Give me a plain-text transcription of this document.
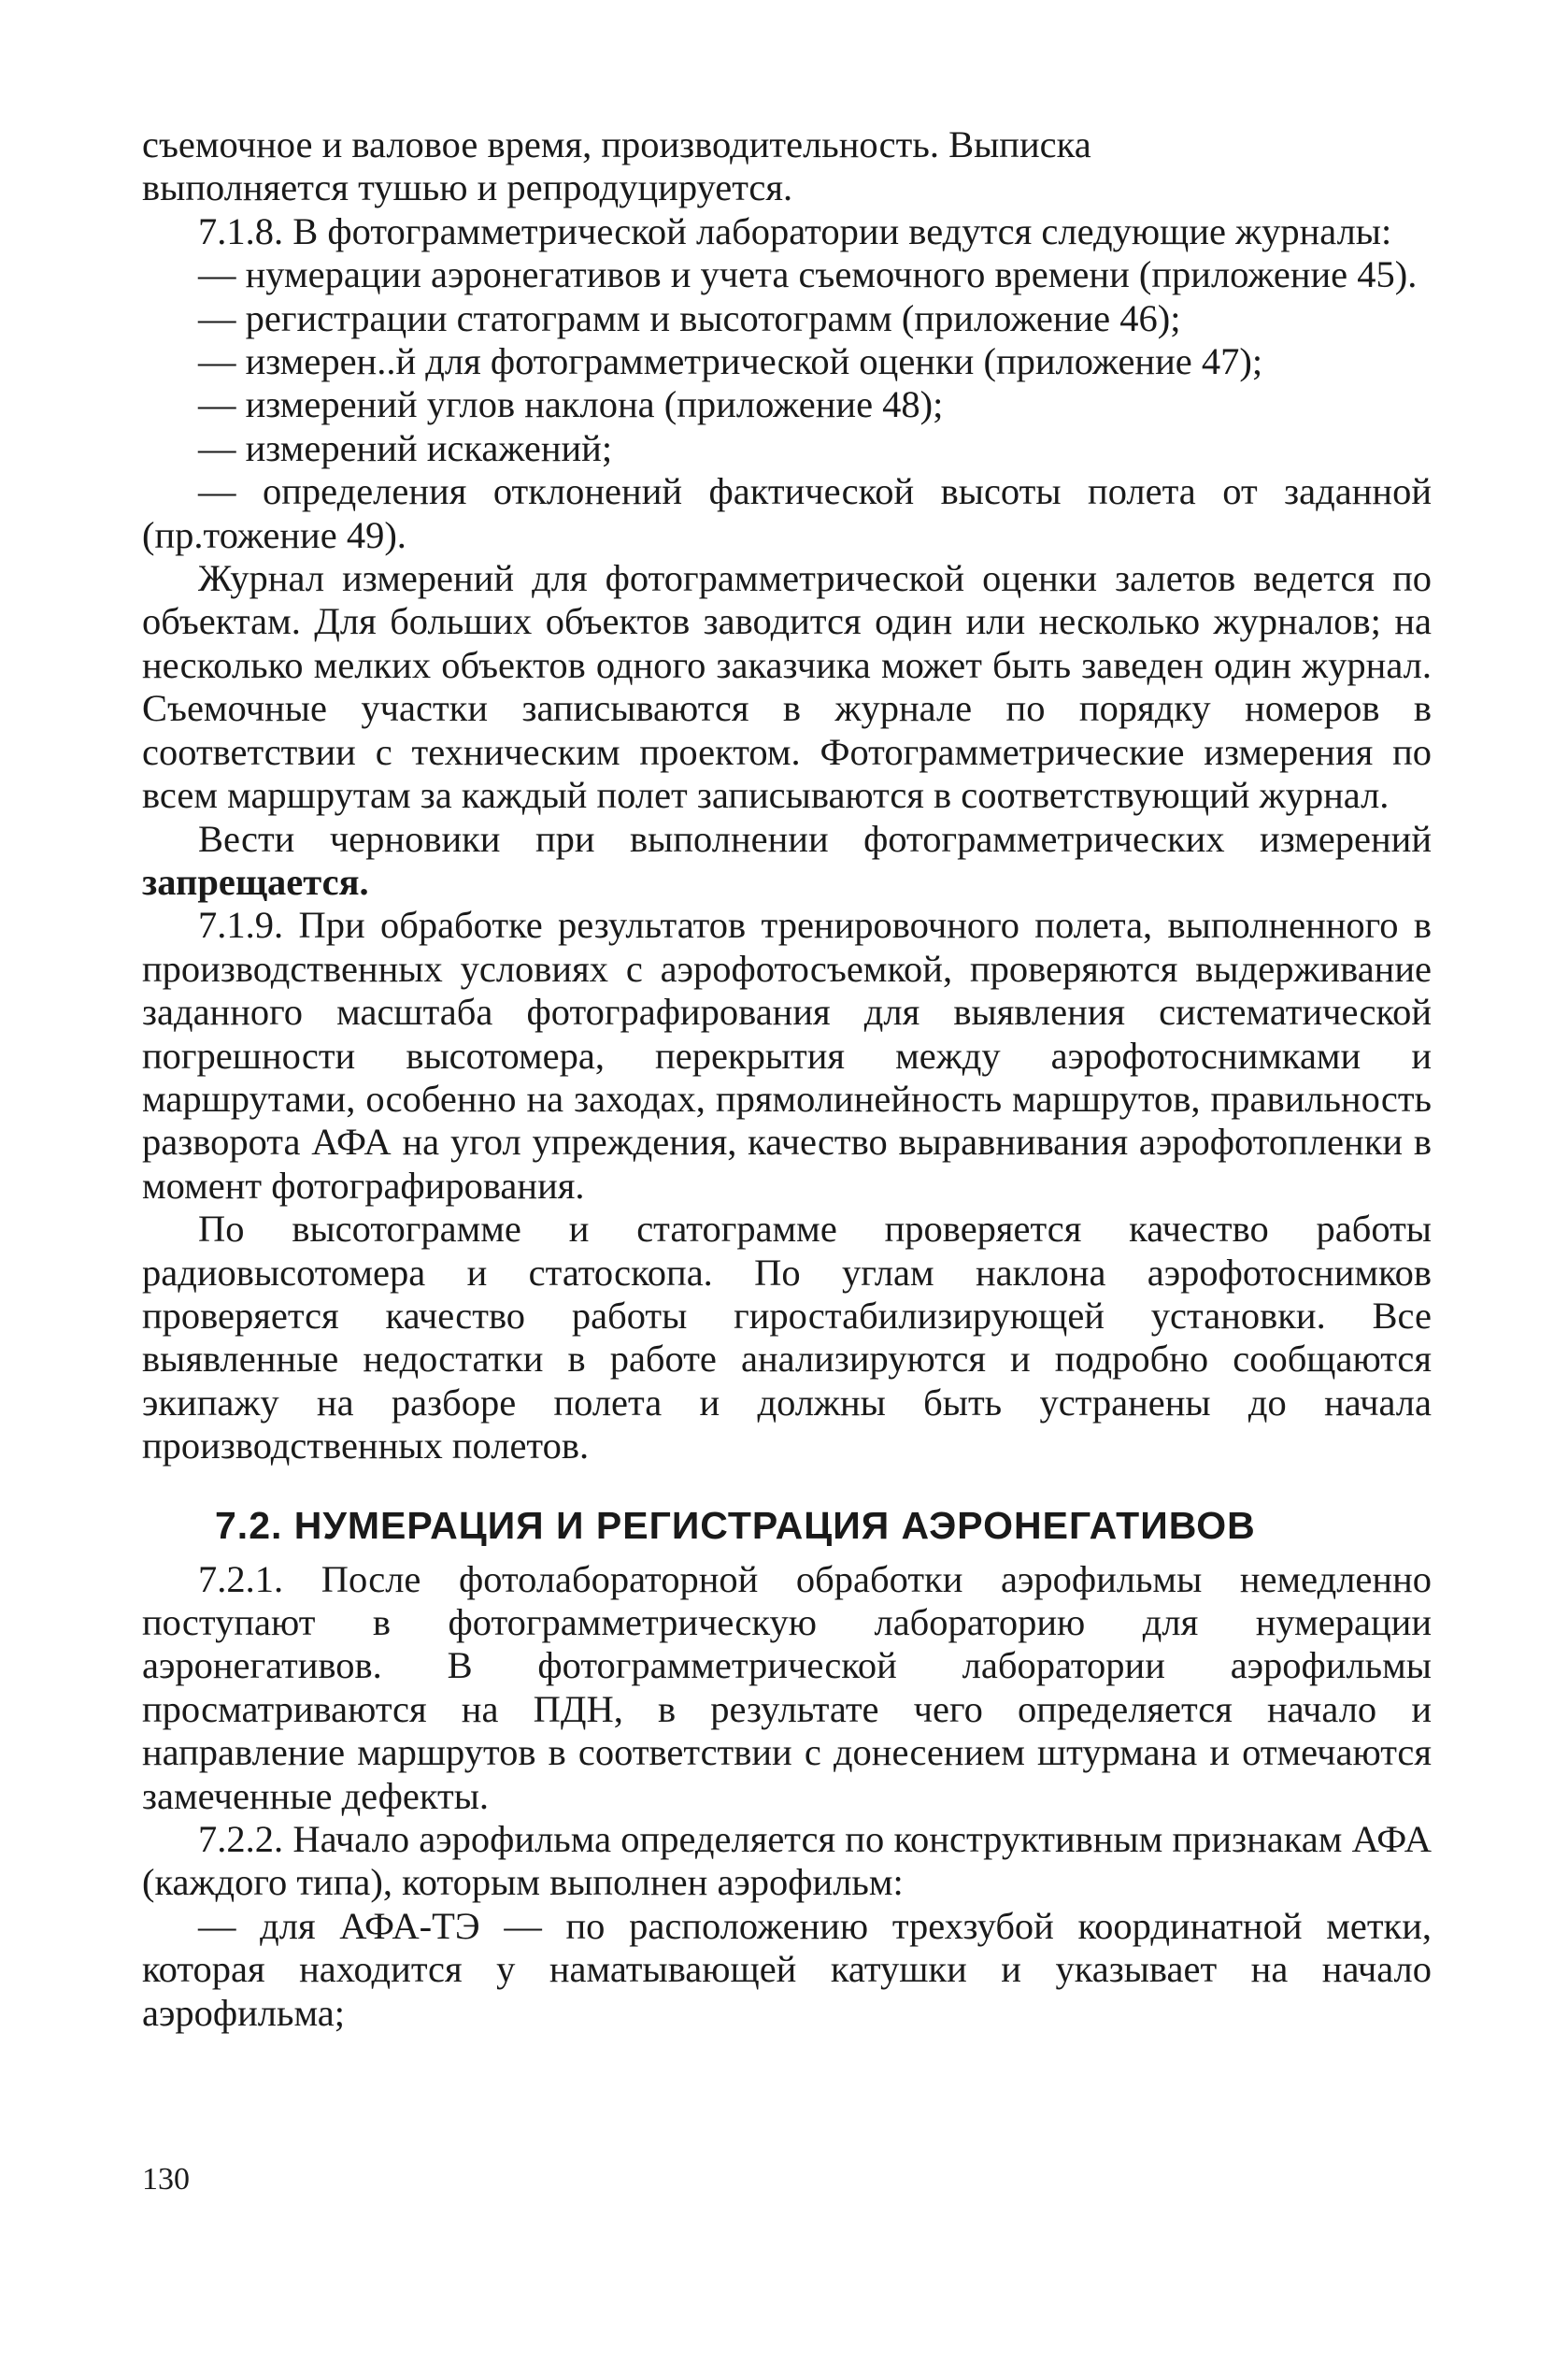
съемочное и валовое время, производительность. Выписка
выполняется тушью и репродуцируется.

7.1.8. В фотограмметрической лаборатории ведутся следующие журналы:

— нумерации аэронегативов и учета съемочного времени (приложение 45).

— регистрации статограмм и высотограмм (приложение 46);

— измерен..й для фотограмметрической оценки (приложение 47);

— измерений углов наклона (приложение 48);

— измерений искажений;

— определения отклонений фактической высоты полета от заданной (пр.тожение 49).

Журнал измерений для фотограмметрической оценки залетов ведется по объектам. Для больших объектов заводится один или несколько журналов; на несколько мелких объектов одного заказчика может быть заведен один журнал. Съемочные участки записываются в журнале по порядку номеров в соответствии с техническим проектом. Фотограмметрические измерения по всем маршрутам за каждый полет записываются в соответствующий журнал.

Вести черновики при выполнении фотограмметрических измерений запрещается.

7.1.9. При обработке результатов тренировочного полета, выполненного в производственных условиях с аэрофотосъемкой, проверяются выдерживание заданного масштаба фотографирования для выявления систематической погрешности высотомера, перекрытия между аэрофотоснимками и маршрутами, особенно на заходах, прямолинейность маршрутов, правильность разворота АФА на угол упреждения, качество выравнивания аэрофотопленки в момент фотографирования.

По высотограмме и статограмме проверяется качество работы радиовысотомера и статоскопа. По углам наклона аэрофотоснимков проверяется качество работы гиростабилизирующей установки. Все выявленные недостатки в работе анализируются и подробно сообщаются экипажу на разборе полета и должны быть устранены до начала производственных полетов.

7.2. НУМЕРАЦИЯ И РЕГИСТРАЦИЯ АЭРОНЕГАТИВОВ

7.2.1. После фотолабораторной обработки аэрофильмы немедленно поступают в фотограмметрическую лабораторию для нумерации аэронегативов. В фотограмметрической лаборатории аэрофильмы просматриваются на ПДН, в результате чего определяется начало и направление маршрутов в соответствии с донесением штурмана и отмечаются замеченные дефекты.

7.2.2. Начало аэрофильма определяется по конструктивным признакам АФА (каждого типа), которым выполнен аэрофильм:

— для АФА-ТЭ — по расположению трехзубой координатной метки, которая находится у наматывающей катушки и указывает на начало аэрофильма;

130
